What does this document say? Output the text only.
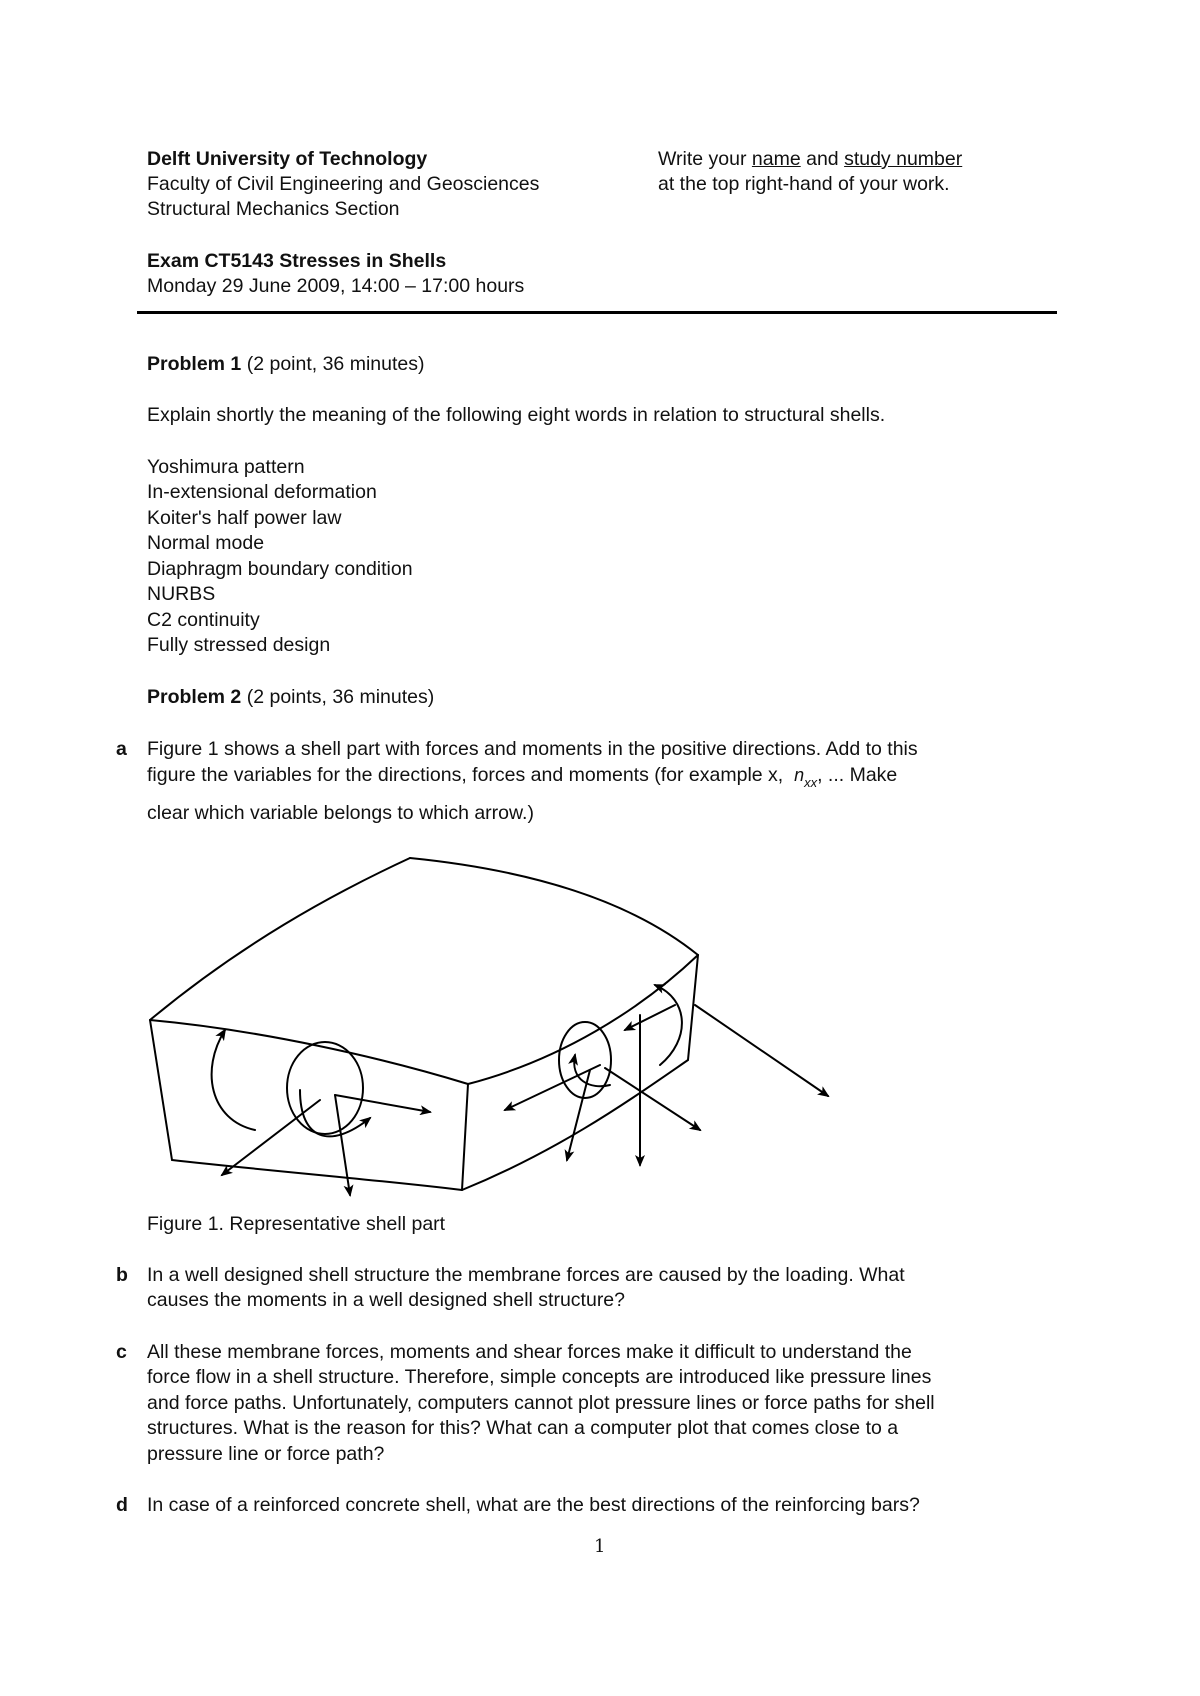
Delft University of Technology
Faculty of Civil Engineering and Geosciences
Structural Mechanics Section
Write your name and study number
at the top right-hand of your work.
Exam CT5143 Stresses in Shells
Monday 29 June 2009, 14:00 – 17:00 hours
Problem 1 (2 point, 36 minutes)
Explain shortly the meaning of the following eight words in relation to structural shells.
Yoshimura pattern
In-extensional deformation
Koiter's half power law
Normal mode
Diaphragm boundary condition
NURBS
C2 continuity
Fully stressed design
Problem 2 (2 points, 36 minutes)
a Figure 1 shows a shell part with forces and moments in the positive directions. Add to this
figure the variables for the directions, forces and moments (for example x, $n_{xx}$, ... Make
clear which variable belongs to which arrow.)
Figure 1. Representative shell part
b In a well designed shell structure the membrane forces are caused by the loading. What
causes the moments in a well designed shell structure?
c All these membrane forces, moments and shear forces make it difficult to understand the
force flow in a shell structure. Therefore, simple concepts are introduced like pressure lines
and force paths. Unfortunately, computers cannot plot pressure lines or force paths for shell
structures. What is the reason for this? What can a computer plot that comes close to a
pressure line or force path?
d In case of a reinforced concrete shell, what are the best directions of the reinforcing bars?
1
